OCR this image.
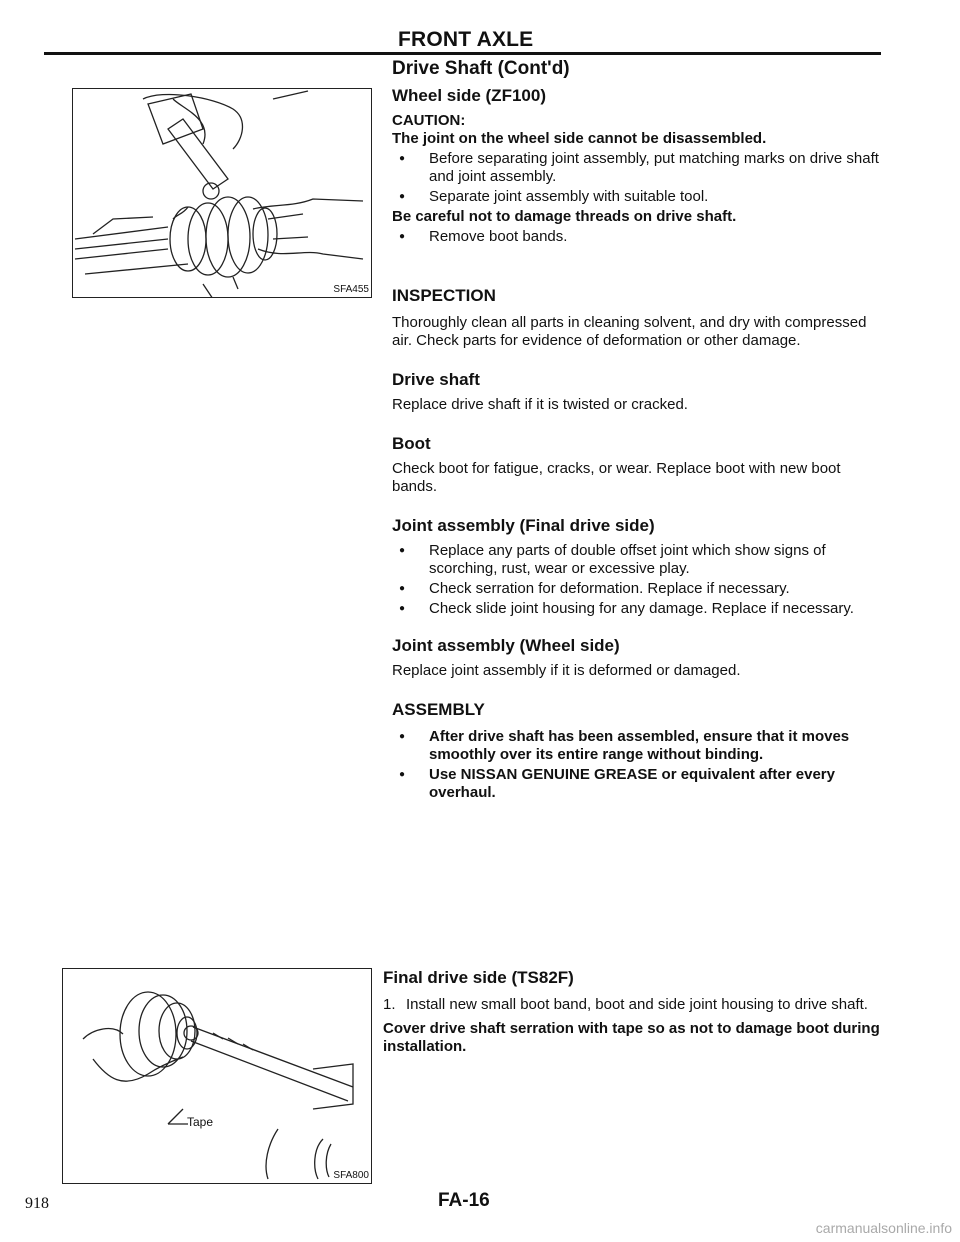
FRONT AXLE
SFA455
Tape
SFA800
Drive Shaft (Cont'd)
Wheel side (ZF100)
CAUTION:
The joint on the wheel side cannot be disassembled.
● Before separating joint assembly, put matching marks on drive shaft and joint assembly.
● Separate joint assembly with suitable tool.
Be careful not to damage threads on drive shaft.
● Remove boot bands.
INSPECTION
Thoroughly clean all parts in cleaning solvent, and dry with compressed air. Check parts for evidence of deformation or other damage.
Drive shaft
Replace drive shaft if it is twisted or cracked.
Boot
Check boot for fatigue, cracks, or wear. Replace boot with new boot bands.
Joint assembly (Final drive side)
● Replace any parts of double offset joint which show signs of scorching, rust, wear or excessive play.
● Check serration for deformation. Replace if necessary.
● Check slide joint housing for any damage. Replace if necessary.
Joint assembly (Wheel side)
Replace joint assembly if it is deformed or damaged.
ASSEMBLY
● After drive shaft has been assembled, ensure that it moves smoothly over its entire range without binding.
● Use NISSAN GENUINE GREASE or equivalent after every overhaul.
Final drive side (TS82F)
1. Install new small boot band, boot and side joint housing to drive shaft.
Cover drive shaft serration with tape so as not to damage boot during installation.
918	FA-16
carmanualsonline.info
